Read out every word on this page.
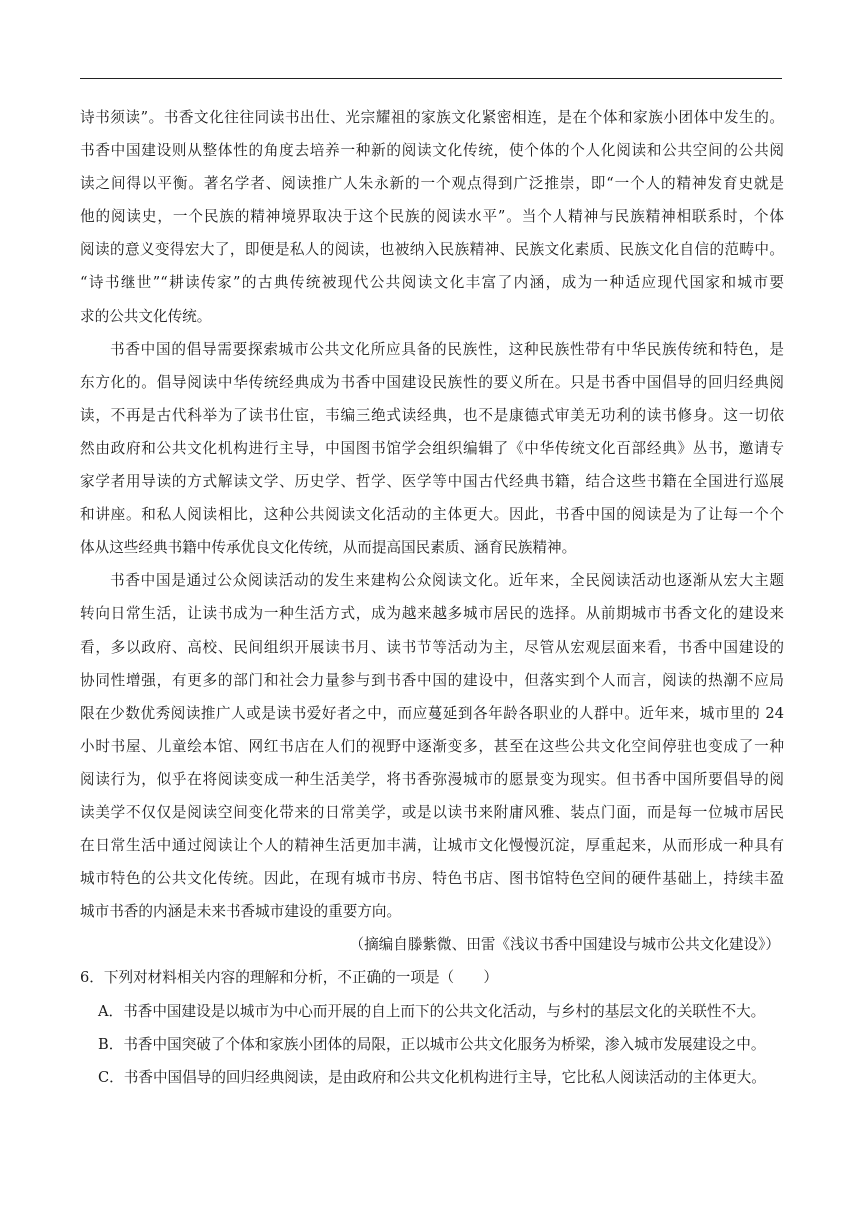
诗书须读”。书香文化往往同读书出仕、光宗耀祖的家族文化紧密相连，是在个体和家族小团体中发生的。
书香中国建设则从整体性的角度去培养一种新的阅读文化传统，使个体的个人化阅读和公共空间的公共阅
读之间得以平衡。著名学者、阅读推广人朱永新的一个观点得到广泛推崇，即“一个人的精神发育史就是
他的阅读史，一个民族的精神境界取决于这个民族的阅读水平”。当个人精神与民族精神相联系时，个体
阅读的意义变得宏大了，即便是私人的阅读，也被纳入民族精神、民族文化素质、民族文化自信的范畴中。
“诗书继世”“耕读传家”的古典传统被现代公共阅读文化丰富了内涵，成为一种适应现代国家和城市要
求的公共文化传统。
书香中国的倡导需要探索城市公共文化所应具备的民族性，这种民族性带有中华民族传统和特色，是
东方化的。倡导阅读中华传统经典成为书香中国建设民族性的要义所在。只是书香中国倡导的回归经典阅
读，不再是古代科举为了读书仕宦，韦编三绝式读经典，也不是康德式审美无功利的读书修身。这一切依
然由政府和公共文化机构进行主导，中国图书馆学会组织编辑了《中华传统文化百部经典》丛书，邀请专
家学者用导读的方式解读文学、历史学、哲学、医学等中国古代经典书籍，结合这些书籍在全国进行巡展
和讲座。和私人阅读相比，这种公共阅读文化活动的主体更大。因此，书香中国的阅读是为了让每一个个
体从这些经典书籍中传承优良文化传统，从而提高国民素质、涵育民族精神。
书香中国是通过公众阅读活动的发生来建构公众阅读文化。近年来，全民阅读活动也逐渐从宏大主题
转向日常生活，让读书成为一种生活方式，成为越来越多城市居民的选择。从前期城市书香文化的建设来
看，多以政府、高校、民间组织开展读书月、读书节等活动为主，尽管从宏观层面来看，书香中国建设的
协同性增强，有更多的部门和社会力量参与到书香中国的建设中，但落实到个人而言，阅读的热潮不应局
限在少数优秀阅读推广人或是读书爱好者之中，而应蔓延到各年龄各职业的人群中。近年来，城市里的 24
小时书屋、儿童绘本馆、网红书店在人们的视野中逐渐变多，甚至在这些公共文化空间停驻也变成了一种
阅读行为，似乎在将阅读变成一种生活美学，将书香弥漫城市的愿景变为现实。但书香中国所要倡导的阅
读美学不仅仅是阅读空间变化带来的日常美学，或是以读书来附庸风雅、装点门面，而是每一位城市居民
在日常生活中通过阅读让个人的精神生活更加丰满，让城市文化慢慢沉淀，厚重起来，从而形成一种具有
城市特色的公共文化传统。因此，在现有城市书房、特色书店、图书馆特色空间的硬件基础上，持续丰盈
城市书香的内涵是未来书香城市建设的重要方向。
（摘编自滕紫微、田雷《浅议书香中国建设与城市公共文化建设》）
6．下列对材料相关内容的理解和分析，不正确的一项是（　　）
A．书香中国建设是以城市为中心而开展的自上而下的公共文化活动，与乡村的基层文化的关联性不大。
B．书香中国突破了个体和家族小团体的局限，正以城市公共文化服务为桥梁，渗入城市发展建设之中。
C．书香中国倡导的回归经典阅读，是由政府和公共文化机构进行主导，它比私人阅读活动的主体更大。
